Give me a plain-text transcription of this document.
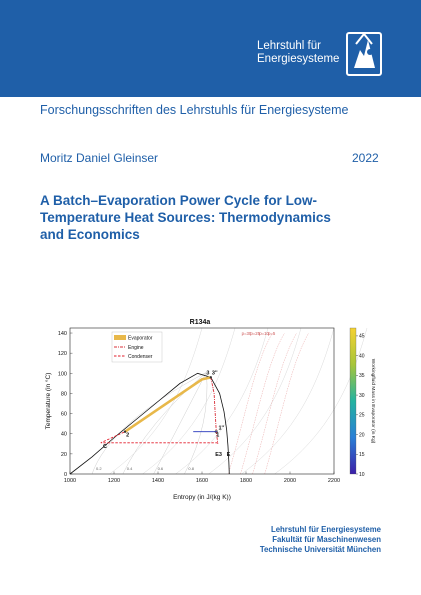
Lehrstuhl für
Energiesysteme
Forschungsschriften des Lehrstuhls für Energiesysteme
Moritz Daniel Gleinser	2022
A Batch–Evaporation Power Cycle for Low-
Temperature Heat Sources: Thermodynamics
and Economics
R134a
0.2	0.4	0.6	0.8
p=30 p=25 p=10 p=5
0
20
40
60
80
100
120
140
1000	1200	1400	1600	1800	2000	2200
Temperature (in °C)
Entropy (in J/(kg K))
C
2
3 3''
1''
1
E3 E
Evaporator
Engine
Condenser
10
15
20
25
30
35
40
45
Workingfluid Mass in Evaporator (in Kg)
Lehrstuhl für Energiesysteme
Fakultät für Maschinenwesen
Technische Universität München
